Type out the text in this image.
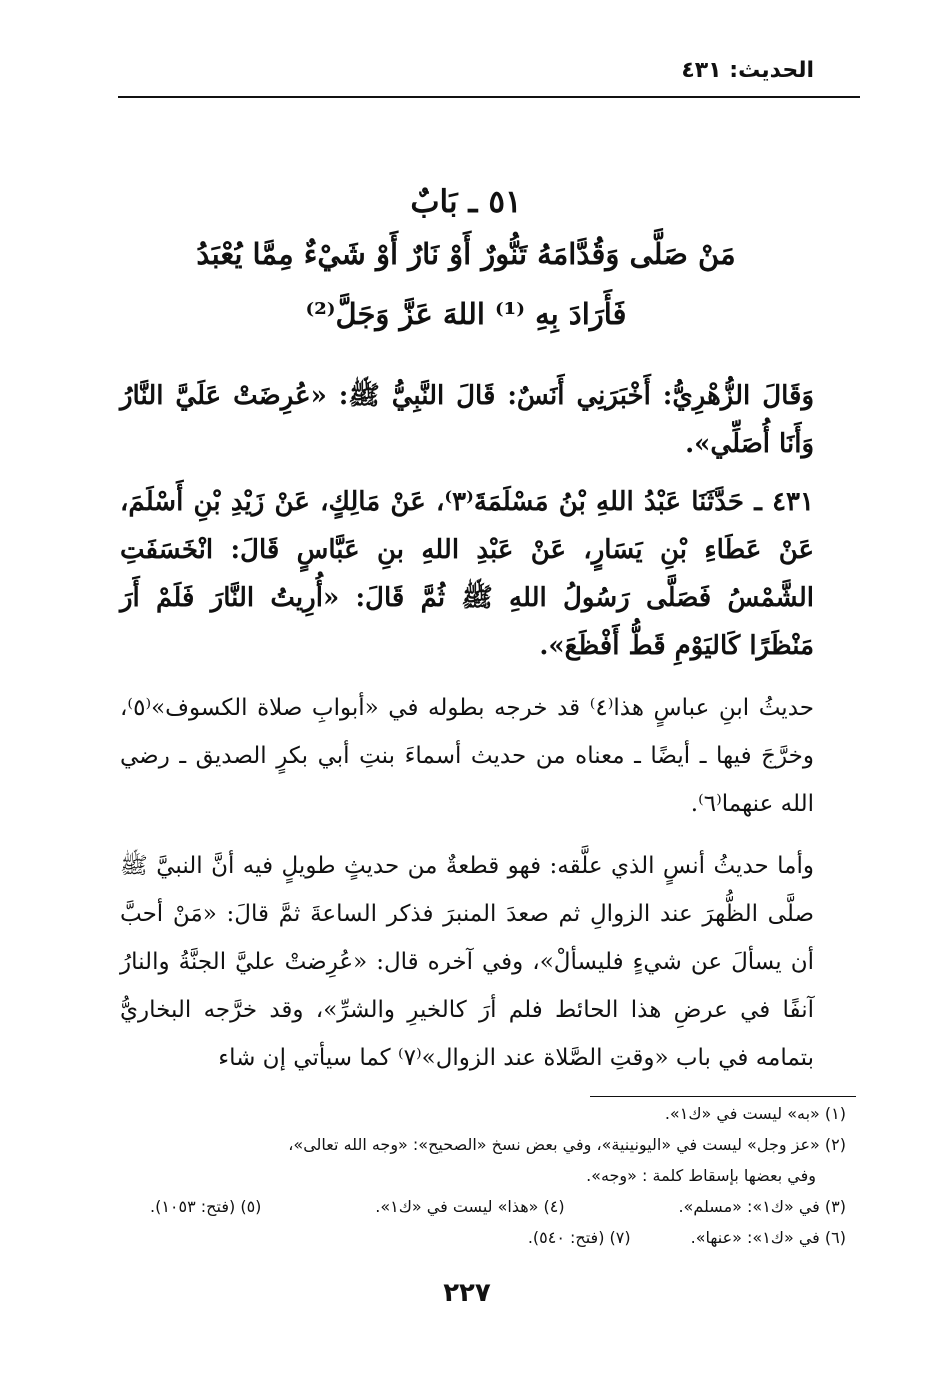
الحديث: ٤٣١
٥١ ـ بَابٌ
مَنْ صَلَّى وَقُدَّامَهُ تَنُّورٌ أَوْ نَارٌ أَوْ شَيْءٌ مِمَّا يُعْبَدُ
فَأَرَادَ بِهِ ⁽¹⁾ اللهَ عَزَّ وَجَلَّ⁽²⁾

وَقَالَ الزُّهْرِيُّ: أَخْبَرَنِي أَنَسٌ: قَالَ النَّبِيُّ ﷺ: «عُرِضَتْ عَلَيَّ النَّارُ وَأَنَا أُصَلِّي».

٤٣١ ـ حَدَّثَنَا عَبْدُ اللهِ بْنُ مَسْلَمَةَ⁽٣⁾، عَنْ مَالِكٍ، عَنْ زَيْدِ بْنِ أَسْلَمَ، عَنْ عَطَاءِ بْنِ يَسَارٍ، عَنْ عَبْدِ اللهِ بنِ عَبَّاسٍ قَالَ: انْخَسَفَتِ الشَّمْسُ فَصَلَّى رَسُولُ اللهِ ﷺ ثُمَّ قَالَ: «أُرِيتُ النَّارَ فَلَمْ أَرَ مَنْظَرًا كَاليَوْمِ قَطُّ أَفْظَعَ».

حديثُ ابنِ عباسٍ هذا⁽٤⁾ قد خرجه بطوله في «أبوابِ صلاة الكسوف»⁽٥⁾، وخرَّجَ فيها ـ أيضًا ـ معناه من حديث أسماءَ بنتِ أبي بكرٍ الصديق ـ رضي الله عنهما⁽٦⁾.

وأما حديثُ أنسٍ الذي علَّقه: فهو قطعةٌ من حديثٍ طويلٍ فيه أنَّ النبيَّ ﷺ صلَّى الظُّهرَ عند الزوالِ ثم صعدَ المنبرَ فذكر الساعةَ ثمَّ قالَ: «مَنْ أحبَّ أن يسألَ عن شيءٍ فليسألْ»، وفي آخره قال: «عُرِضتْ عليَّ الجنَّةُ والنارُ آنفًا في عرضِ هذا الحائط فلم أرَ كالخيرِ والشرِّ»، وقد خرَّجه البخاريُّ بتمامه في باب «وقتِ الصَّلاة عند الزوال»⁽٧⁾ كما سيأتي إن شاء

(١) «به» ليست في «ك١».

(٢) «عز وجل» ليست في «اليونينية»، وفي بعض نسخ «الصحيح»: «وجه الله تعالى»،

وفي بعضها بإسقاط كلمة : «وجه».

(٣) في «ك١»: «مسلم».
(٤) «هذا» ليست في «ك١».
(٥) (فتح: ١٠٥٣).
(٦) في «ك١»: «عنها».
(٧) (فتح: ٥٤٠).
٢٢٧
